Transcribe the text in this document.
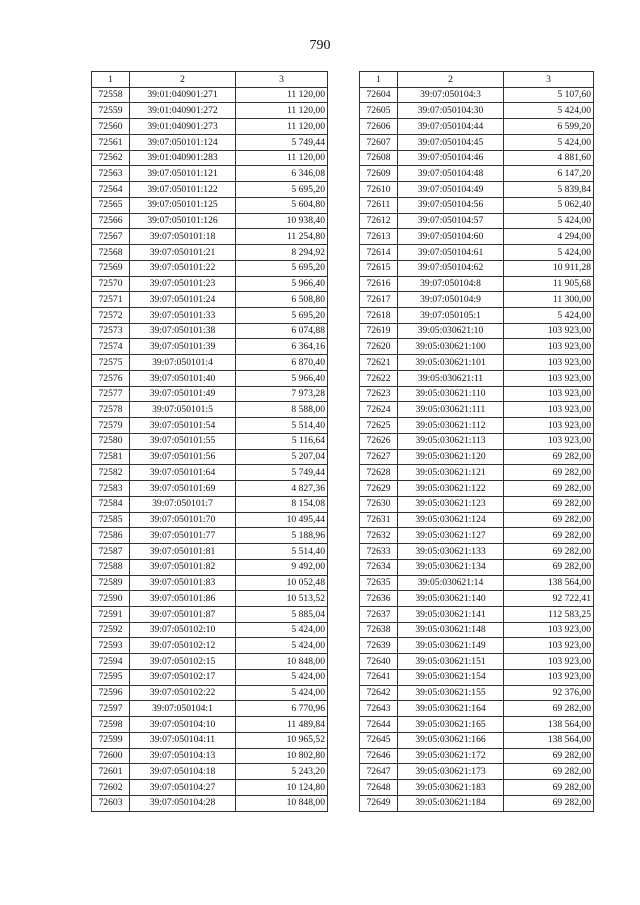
790
1	2	3
72558	39:01:040901:271	11 120,00
72559	39:01:040901:272	11 120,00
72560	39:01:040901:273	11 120,00
72561	39:07:050101:124	5 749,44
72562	39:01:040901:283	11 120,00
72563	39:07:050101:121	6 346,08
72564	39:07:050101:122	5 695,20
72565	39:07:050101:125	5 604,80
72566	39:07:050101:126	10 938,40
72567	39:07:050101:18	11 254,80
72568	39:07:050101:21	8 294,92
72569	39:07:050101:22	5 695,20
72570	39:07:050101:23	5 966,40
72571	39:07:050101:24	6 508,80
72572	39:07:050101:33	5 695,20
72573	39:07:050101:38	6 074,88
72574	39:07:050101:39	6 364,16
72575	39:07:050101:4	6 870,40
72576	39:07:050101:40	5 966,40
72577	39:07:050101:49	7 973,28
72578	39:07:050101:5	8 588,00
72579	39:07:050101:54	5 514,40
72580	39:07:050101:55	5 116,64
72581	39:07:050101:56	5 207,04
72582	39:07:050101:64	5 749,44
72583	39:07:050101:69	4 827,36
72584	39:07:050101:7	8 154,08
72585	39:07:050101:70	10 495,44
72586	39:07:050101:77	5 188,96
72587	39:07:050101:81	5 514,40
72588	39:07:050101:82	9 492,00
72589	39:07:050101:83	10 052,48
72590	39:07:050101:86	10 513,52
72591	39:07:050101:87	5 885,04
72592	39:07:050102:10	5 424,00
72593	39:07:050102:12	5 424,00
72594	39:07:050102:15	10 848,00
72595	39:07:050102:17	5 424,00
72596	39:07:050102:22	5 424,00
72597	39:07:050104:1	6 770,96
72598	39:07:050104:10	11 489,84
72599	39:07:050104:11	10 965,52
72600	39:07:050104:13	10 802,80
72601	39:07:050104:18	5 243,20
72602	39:07:050104:27	10 124,80
72603	39:07:050104:28	10 848,00
1	2	3
72604	39:07:050104:3	5 107,60
72605	39:07:050104:30	5 424,00
72606	39:07:050104:44	6 599,20
72607	39:07:050104:45	5 424,00
72608	39:07:050104:46	4 881,60
72609	39:07:050104:48	6 147,20
72610	39:07:050104:49	5 839,84
72611	39:07:050104:56	5 062,40
72612	39:07:050104:57	5 424,00
72613	39:07:050104:60	4 294,00
72614	39:07:050104:61	5 424,00
72615	39:07:050104:62	10 911,28
72616	39:07:050104:8	11 905,68
72617	39:07:050104:9	11 300,00
72618	39:07:050105:1	5 424,00
72619	39:05:030621:10	103 923,00
72620	39:05:030621:100	103 923,00
72621	39:05:030621:101	103 923,00
72622	39:05:030621:11	103 923,00
72623	39:05:030621:110	103 923,00
72624	39:05:030621:111	103 923,00
72625	39:05:030621:112	103 923,00
72626	39:05:030621:113	103 923,00
72627	39:05:030621:120	69 282,00
72628	39:05:030621:121	69 282,00
72629	39:05:030621:122	69 282,00
72630	39:05:030621:123	69 282,00
72631	39:05:030621:124	69 282,00
72632	39:05:030621:127	69 282,00
72633	39:05:030621:133	69 282,00
72634	39:05:030621:134	69 282,00
72635	39:05:030621:14	138 564,00
72636	39:05:030621:140	92 722,41
72637	39:05:030621:141	112 583,25
72638	39:05:030621:148	103 923,00
72639	39:05:030621:149	103 923,00
72640	39:05:030621:151	103 923,00
72641	39:05:030621:154	103 923,00
72642	39:05:030621:155	92 376,00
72643	39:05:030621:164	69 282,00
72644	39:05:030621:165	138 564,00
72645	39:05:030621:166	138 564,00
72646	39:05:030621:172	69 282,00
72647	39:05:030621:173	69 282,00
72648	39:05:030621:183	69 282,00
72649	39:05:030621:184	69 282,00
